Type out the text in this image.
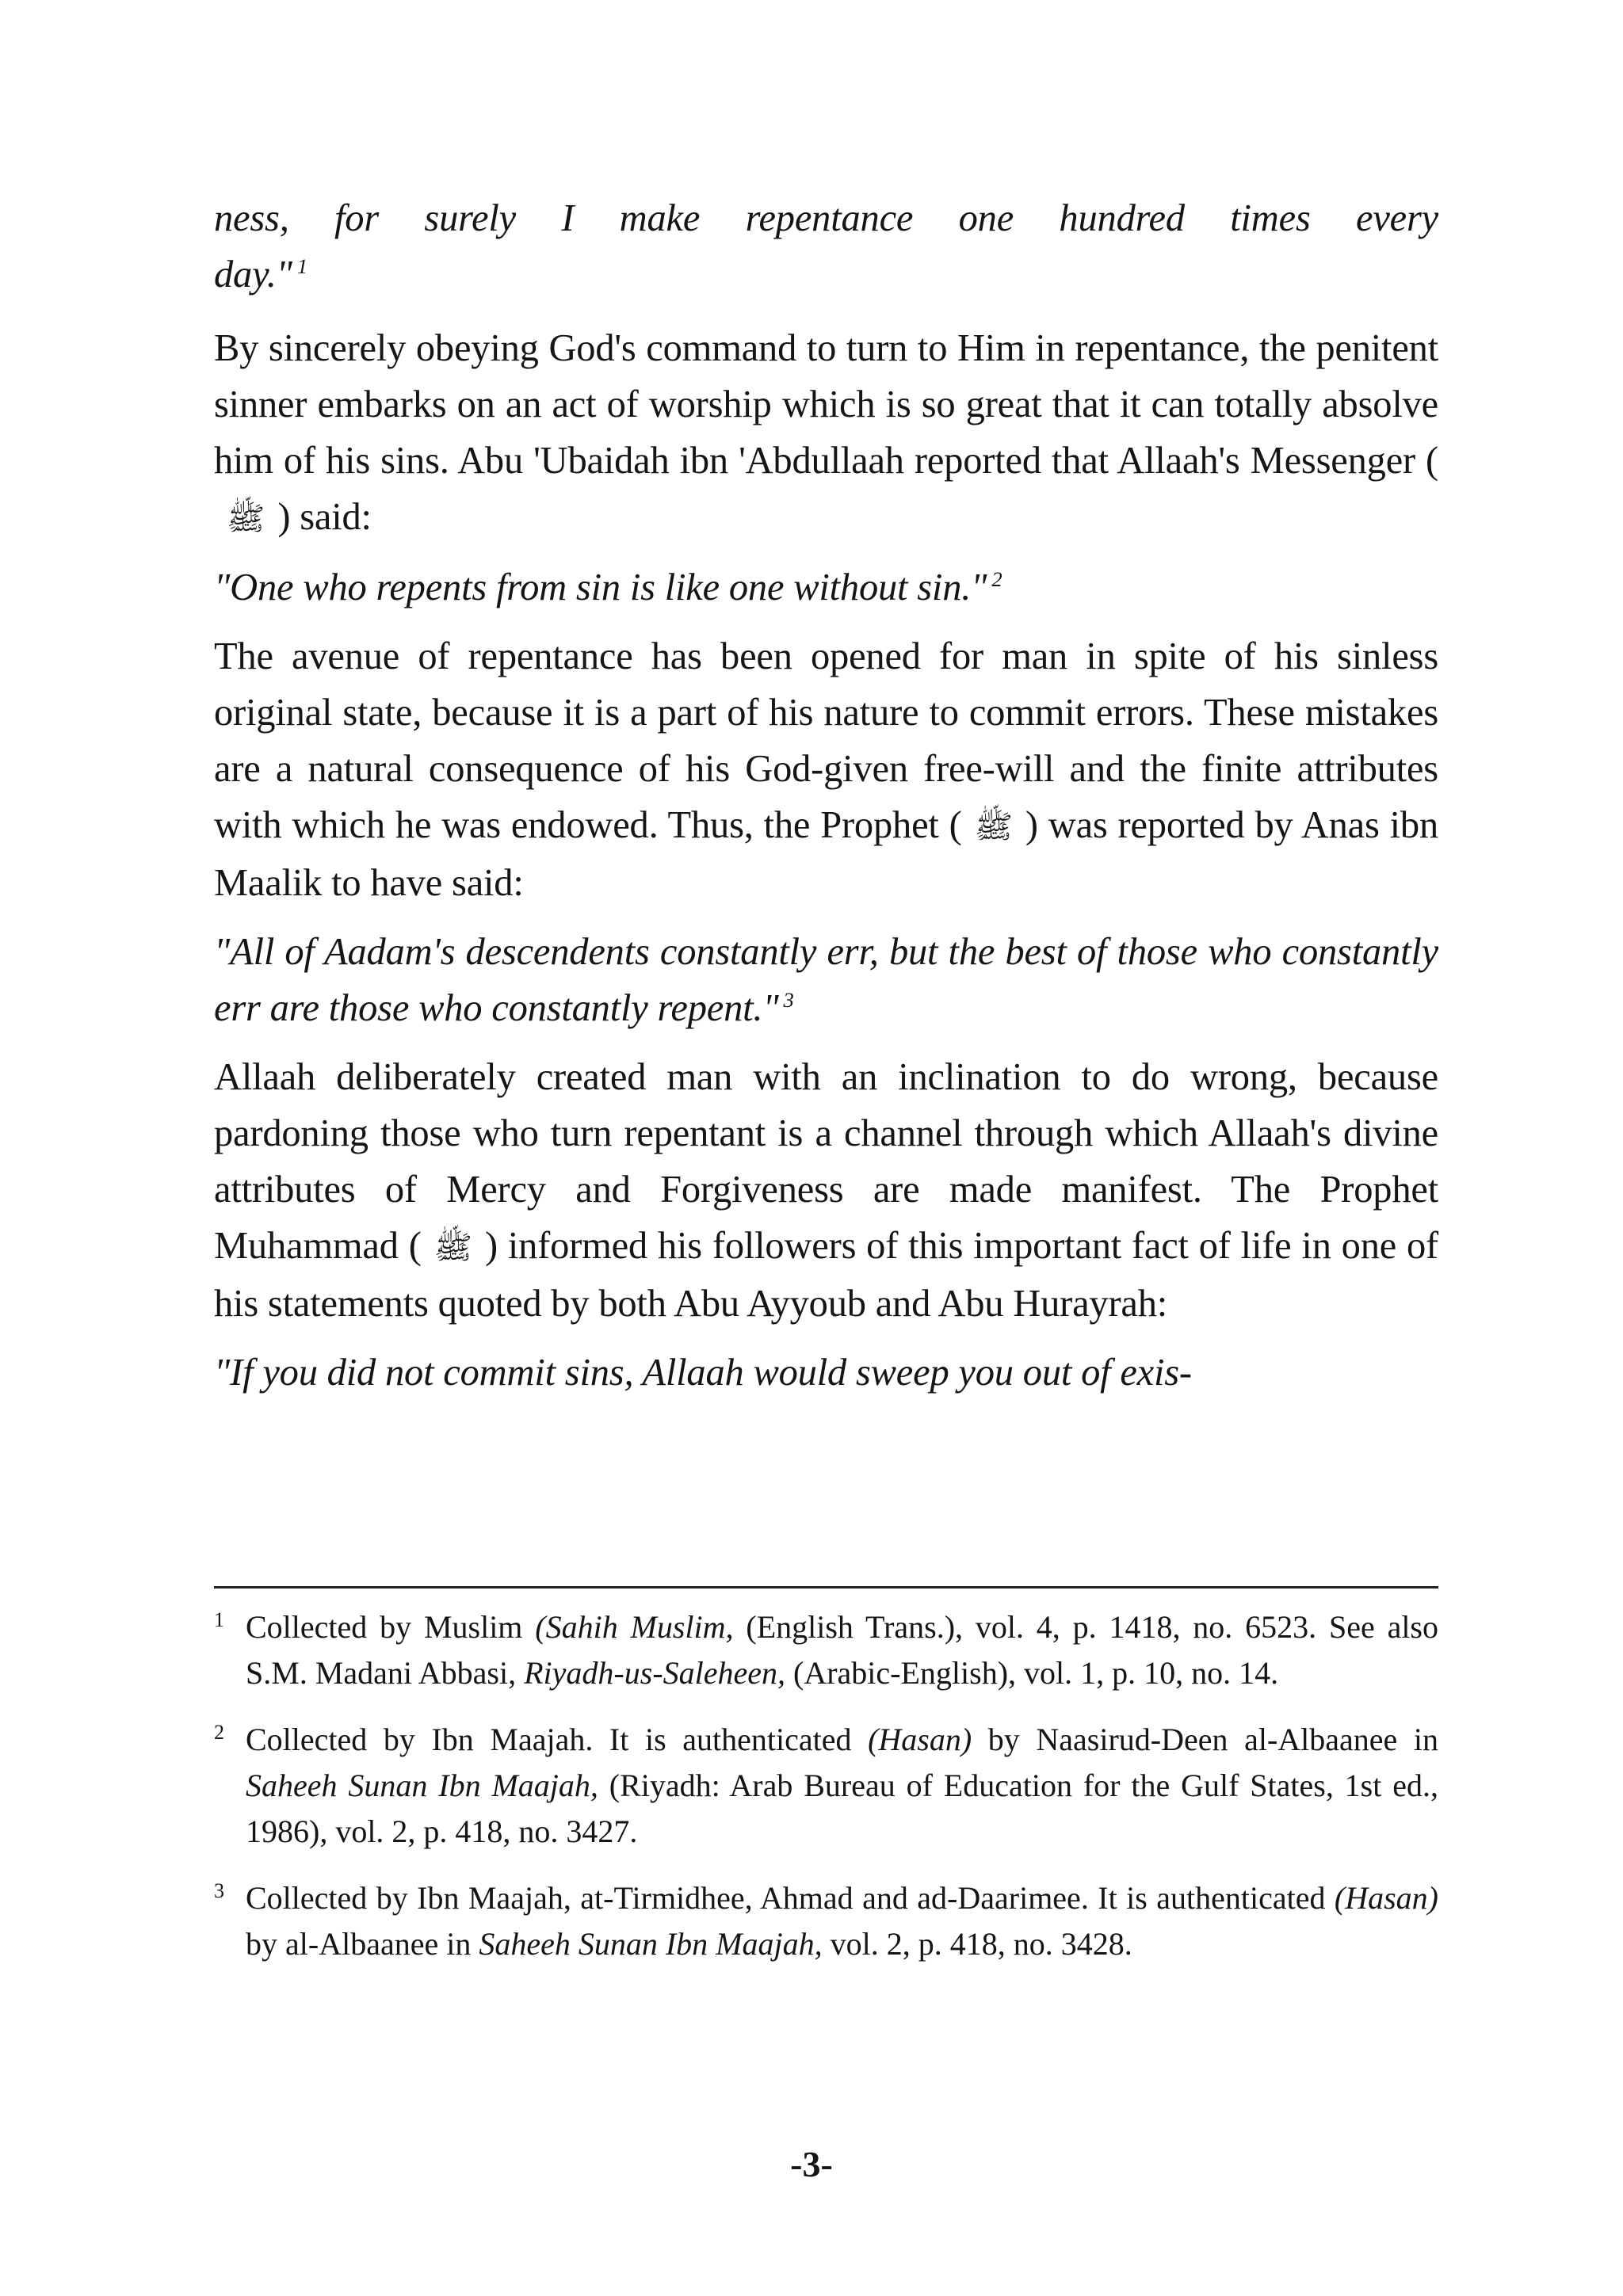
ness, for surely I make repentance one hundred times every
day." $^1$

By sincerely obeying God's command to turn to Him in repentance, the penitent sinner embarks on an act of worship which is so great that it can totally absolve him of his sins. Abu 'Ubaidah ibn 'Abdullaah reported that Allaah's Messenger (ﷺ ) said:

"One who repents from sin is like one without sin." $^2$

The avenue of repentance has been opened for man in spite of his sinless original state, because it is a part of his nature to commit errors. These mistakes are a natural consequence of his God-given free-will and the finite attributes with which he was endowed. Thus, the Prophet ( ﷺ ) was reported by Anas ibn Maalik to have said:

"All of Aadam's descendents constantly err, but the best of those who constantly err are those who constantly repent." $^3$

Allaah deliberately created man with an inclination to do wrong, because pardoning those who turn repentant is a channel through which Allaah's divine attributes of Mercy and Forgiveness are made manifest. The Prophet Muhammad ( ﷺ ) informed his followers of this important fact of life in one of his statements quoted by both Abu Ayyoub and Abu Hurayrah:

"If you did not commit sins, Allaah would sweep you out of exis-

1 Collected by Muslim (Sahih Muslim, (English Trans.), vol. 4, p. 1418, no. 6523. See also S.M. Madani Abbasi, Riyadh-us-Saleheen, (Arabic-English), vol. 1, p. 10, no. 14.

2 Collected by Ibn Maajah. It is authenticated (Hasan) by Naasirud-Deen al-Albaanee in Saheeh Sunan Ibn Maajah, (Riyadh: Arab Bureau of Education for the Gulf States, 1st ed., 1986), vol. 2, p. 418, no. 3427.

3 Collected by Ibn Maajah, at-Tirmidhee, Ahmad and ad-Daarimee. It is authenticated (Hasan) by al-Albaanee in Saheeh Sunan Ibn Maajah, vol. 2, p. 418, no. 3428.

-3-
